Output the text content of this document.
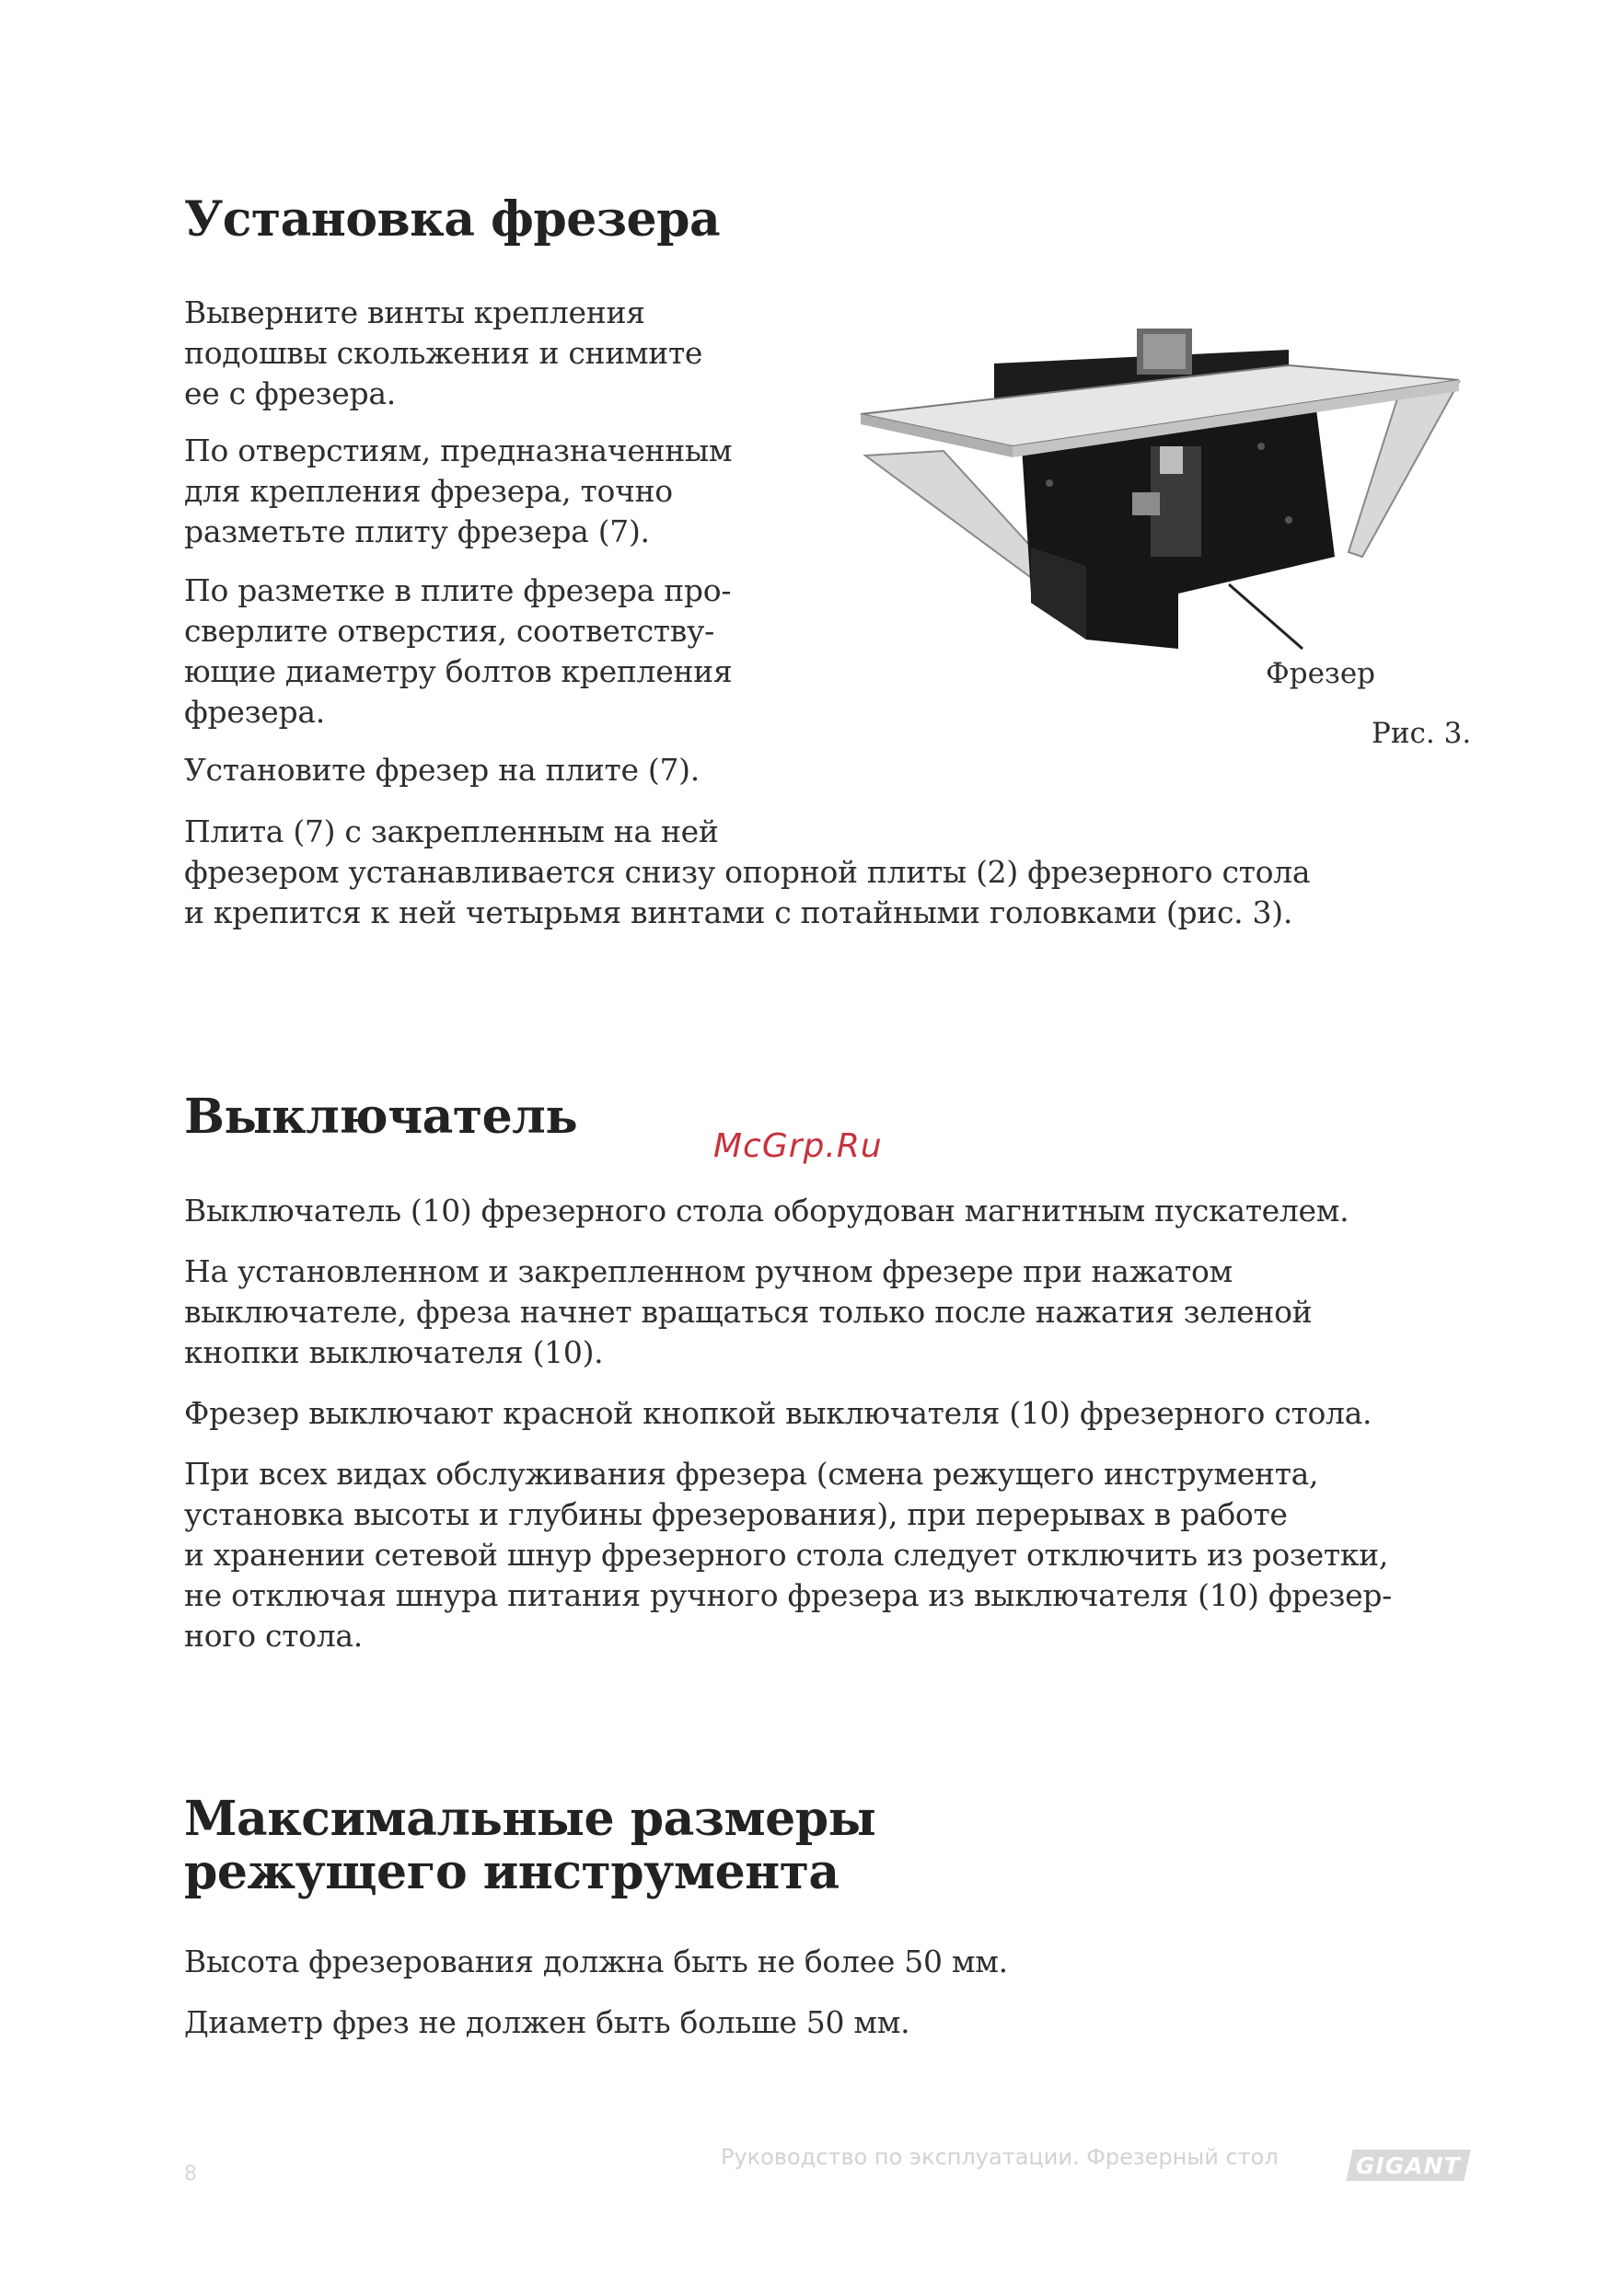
Установка фрезера

Выверните винты крепления
подошвы скольжения и снимите
ее с фрезера.

По отверстиям, предназначенным
для крепления фрезера, точно
разметьте плиту фрезера (7).

По разметке в плите фрезера про-
сверлите отверстия, соответству-
ющие диаметру болтов крепления
фрезера.

Установите фрезер на плите (7).

Плита (7) с закрепленным на ней
фрезером устанавливается снизу опорной плиты (2) фрезерного стола
и крепится к ней четырьмя винтами с потайными головками (рис. 3).

Фрезер
Рис. 3.
Выключатель
McGrp.Ru

Выключатель (10) фрезерного стола оборудован магнитным пускателем.

На установленном и закрепленном ручном фрезере при нажатом
выключателе, фреза начнет вращаться только после нажатия зеленой
кнопки выключателя (10).

Фрезер выключают красной кнопкой выключателя (10) фрезерного стола.

При всех видах обслуживания фрезера (смена режущего инструмента,
установка высоты и глубины фрезерования), при перерывах в работе
и хранении сетевой шнур фрезерного стола следует отключить из розетки,
не отключая шнура питания ручного фрезера из выключателя (10) фрезер-
ного стола.

Максимальные размеры
режущего инструмента

Высота фрезерования должна быть не более 50 мм.

Диаметр фрез не должен быть больше 50 мм.

8
Руководство по эксплуатации. Фрезерный стол	GIGANT
